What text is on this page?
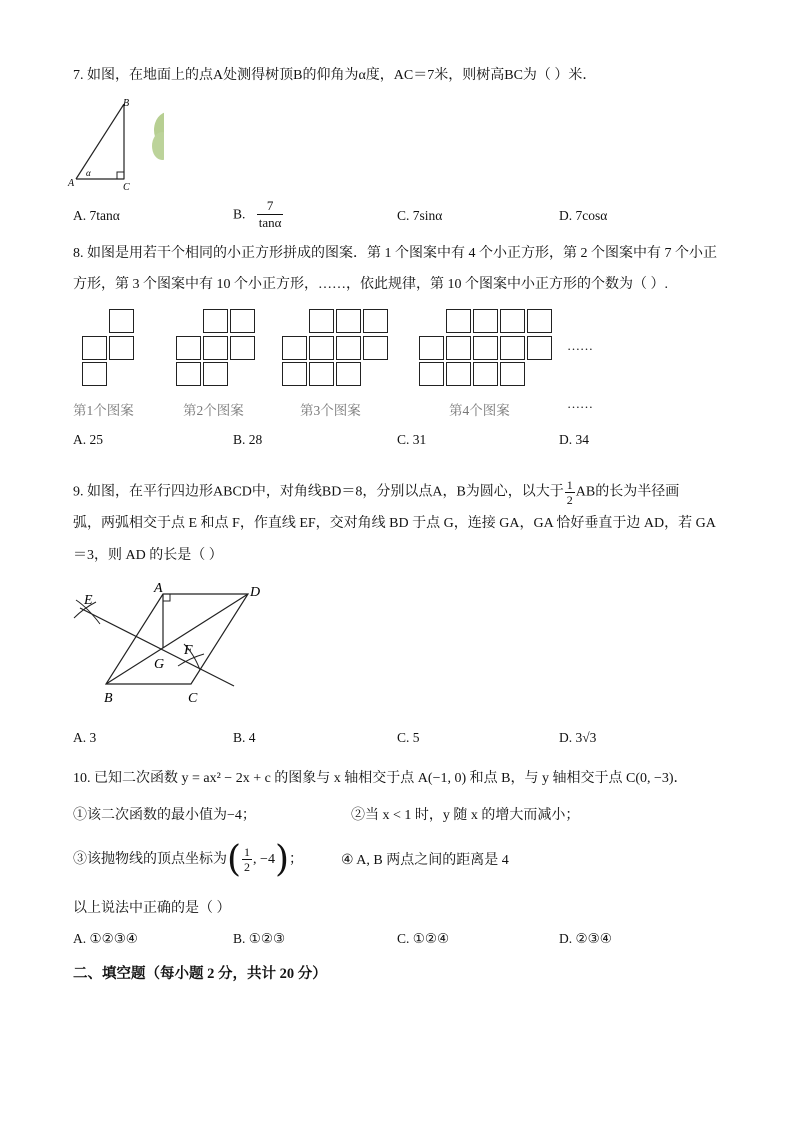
7. 如图，在地面上的点A处测得树顶B的仰角为α度，AC＝7米，则树高BC为（ ）米．
B
A	C
α
A. 7tanα	B. $\frac{7}{\tan\alpha}$	C. 7sinα	D. 7cosα
8. 如图是用若干个相同的小正方形拼成的图案．第 1 个图案中有 4 个小正方形，第 2 个图案中有 7 个小正
方形，第 3 个图案中有 10 个小正方形，……，依此规律，第 10 个图案中小正方形的个数为（ ）.
……
第1个图案	第2个图案	第3个图案	第4个图案	……
A. 25	B. 28	C. 31	D. 34
9. 如图，在平行四边形ABCD中，对角线BD＝8，分别以点A，B为圆心，以大于 $\frac{1}{2}$ AB的长为半径画
弧，两弧相交于点 E 和点 F，作直线 EF，交对角线 BD 于点 G，连接 GA，GA 恰好垂直于边 AD，若 GA
＝3，则 AD 的长是（ ）
A	D
B	C
E
F
G
A. 3	B. 4	C. 5	D. 3√3
10. 已知二次函数 y = ax² − 2x + c 的图象与 x 轴相交于点 A(−1, 0) 和点 B，与 y 轴相交于点 C(0, −3)．
①该二次函数的最小值为−4；	②当 x < 1 时，y 随 x 的增大而减小；
③该抛物线的顶点坐标为( $\frac{1}{2}$ , −4)；	④ A, B 两点之间的距离是 4
以上说法中正确的是（ ）
A. ①②③④	B. ①②③	C. ①②④	D. ②③④
二、填空题（每小题 2 分，共计 20 分）
